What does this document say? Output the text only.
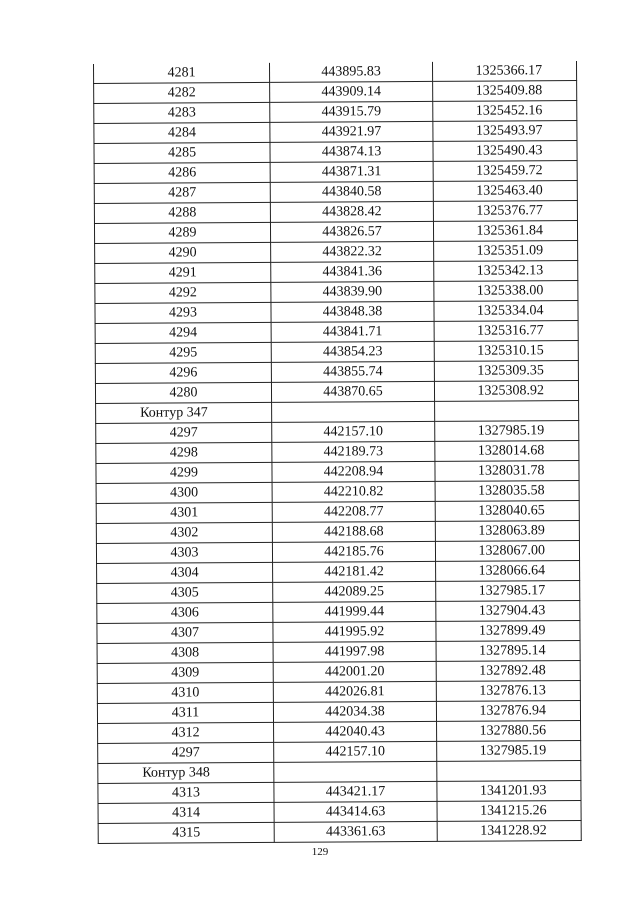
4281	443895.83	1325366.17
4282	443909.14	1325409.88
4283	443915.79	1325452.16
4284	443921.97	1325493.97
4285	443874.13	1325490.43
4286	443871.31	1325459.72
4287	443840.58	1325463.40
4288	443828.42	1325376.77
4289	443826.57	1325361.84
4290	443822.32	1325351.09
4291	443841.36	1325342.13
4292	443839.90	1325338.00
4293	443848.38	1325334.04
4294	443841.71	1325316.77
4295	443854.23	1325310.15
4296	443855.74	1325309.35
4280	443870.65	1325308.92
Контур 347		
4297	442157.10	1327985.19
4298	442189.73	1328014.68
4299	442208.94	1328031.78
4300	442210.82	1328035.58
4301	442208.77	1328040.65
4302	442188.68	1328063.89
4303	442185.76	1328067.00
4304	442181.42	1328066.64
4305	442089.25	1327985.17
4306	441999.44	1327904.43
4307	441995.92	1327899.49
4308	441997.98	1327895.14
4309	442001.20	1327892.48
4310	442026.81	1327876.13
4311	442034.38	1327876.94
4312	442040.43	1327880.56
4297	442157.10	1327985.19
Контур 348		
4313	443421.17	1341201.93
4314	443414.63	1341215.26
4315	443361.63	1341228.92
129
